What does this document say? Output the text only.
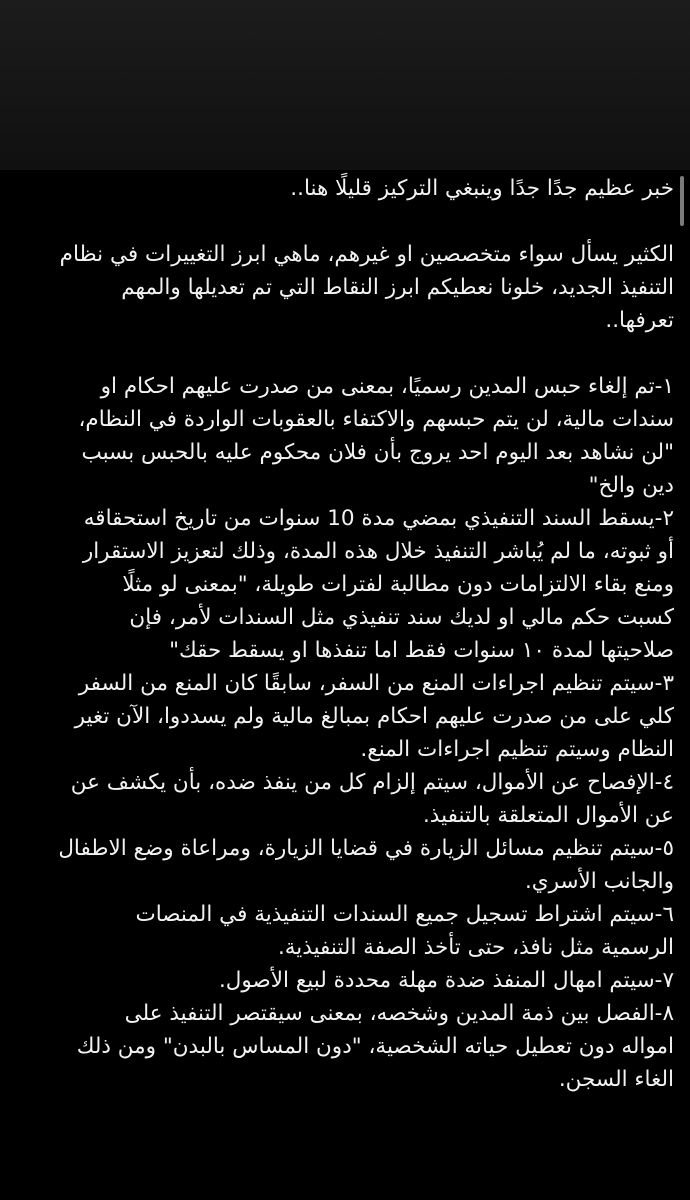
خبر عظيم جدًا جدًا وينبغي التركيز قليلًا هنا..

الكثير يسأل سواء متخصصين او غيرهم، ماهي ابرز التغييرات في نظام
التنفيذ الجديد، خلونا نعطيكم ابرز النقاط التي تم تعديلها والمهم
تعرفها..

١-تم إلغاء حبس المدين رسميًا، بمعنى من صدرت عليهم احكام او
سندات مالية، لن يتم حبسهم والاكتفاء بالعقوبات الواردة في النظام،
"لن نشاهد بعد اليوم احد يروج بأن فلان محكوم عليه بالحبس بسبب
دين والخ"

٢-يسقط السند التنفيذي بمضي مدة 10 سنوات من تاريخ استحقاقه
أو ثبوته، ما لم يُباشر التنفيذ خلال هذه المدة، وذلك لتعزيز الاستقرار
ومنع بقاء الالتزامات دون مطالبة لفترات طويلة، "بمعنى لو مثلًا
كسبت حكم مالي او لديك سند تنفيذي مثل السندات لأمر، فإن
صلاحيتها لمدة ١٠ سنوات فقط اما تنفذها او يسقط حقك"

٣-سيتم تنظيم اجراءات المنع من السفر، سابقًا كان المنع من السفر
كلي على من صدرت عليهم احكام بمبالغ مالية ولم يسددوا، الآن تغير
النظام وسيتم تنظيم اجراءات المنع.

٤-الإفصاح عن الأموال، سيتم إلزام كل من ينفذ ضده، بأن يكشف عن
عن الأموال المتعلقة بالتنفيذ.

٥-سيتم تنظيم مسائل الزيارة في قضايا الزيارة، ومراعاة وضع الاطفال
والجانب الأسري.

٦-سيتم اشتراط تسجيل جميع السندات التنفيذية في المنصات
الرسمية مثل نافذ، حتى تأخذ الصفة التنفيذية.

٧-سيتم امهال المنفذ ضدة مهلة محددة لبيع الأصول.

٨-الفصل بين ذمة المدين وشخصه، بمعنى سيقتصر التنفيذ على
امواله دون تعطيل حياته الشخصية، "دون المساس بالبدن" ومن ذلك
الغاء السجن.
